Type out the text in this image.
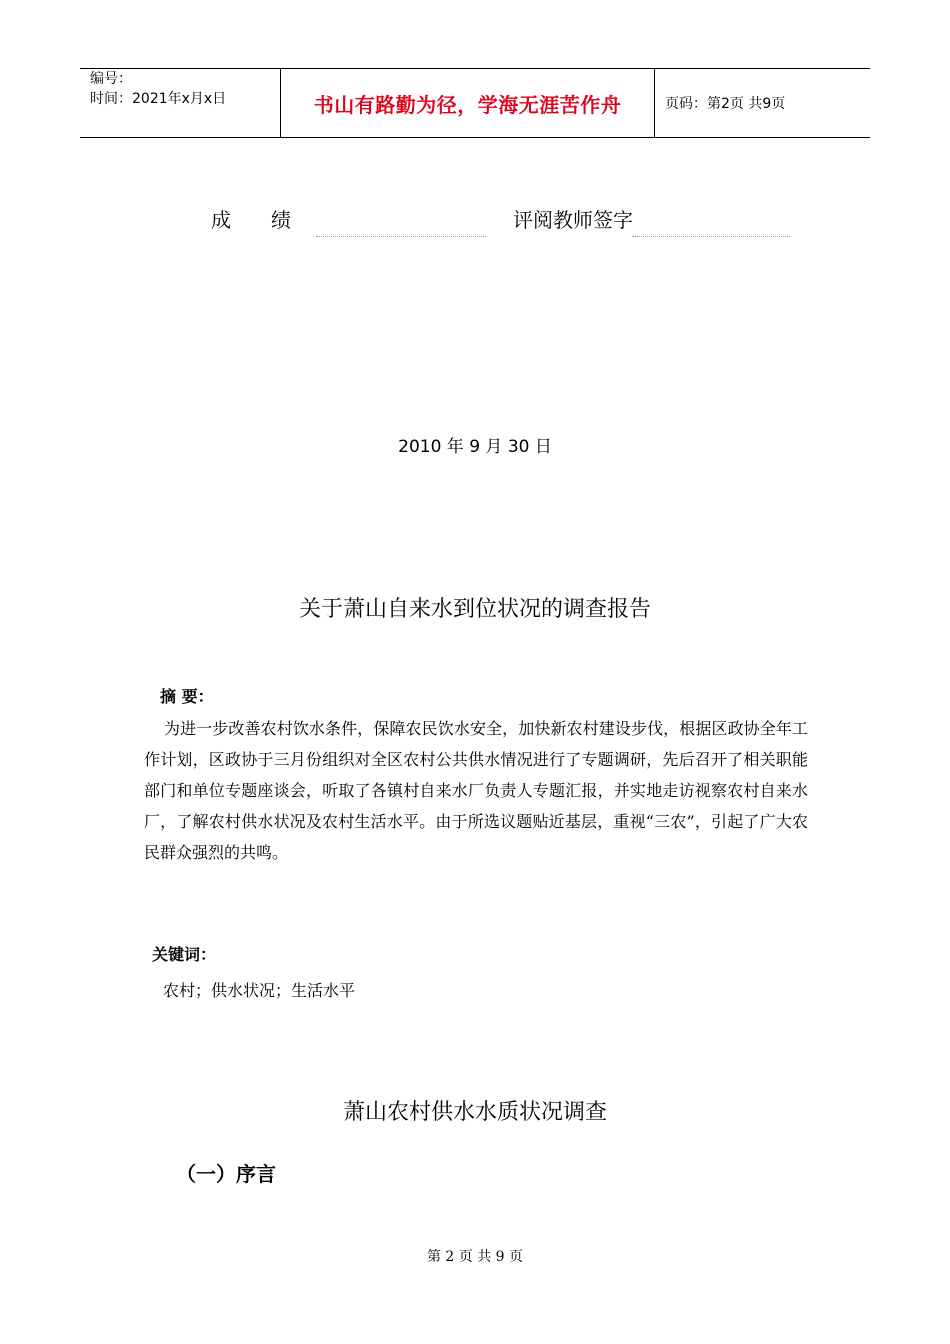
编号：
时间：2021年x月x日	书山有路勤为径，学海无涯苦作舟	页码：第2页 共9页
成　　绩	评阅教师签字
2010 年 9 月 30 日
关于萧山自来水到位状况的调查报告
摘 要：

为进一步改善农村饮水条件，保障农民饮水安全，加快新农村建设步伐，根据区政协全年工作计划，区政协于三月份组织对全区农村公共供水情况进行了专题调研，先后召开了相关职能部门和单位专题座谈会，听取了各镇村自来水厂负责人专题汇报，并实地走访视察农村自来水厂，了解农村供水状况及农村生活水平。由于所选议题贴近基层，重视“三农”，引起了广大农民群众强烈的共鸣。

关键词：
农村；供水状况；生活水平
萧山农村供水水质状况调查
（一）序言
第 2 页 共 9 页
